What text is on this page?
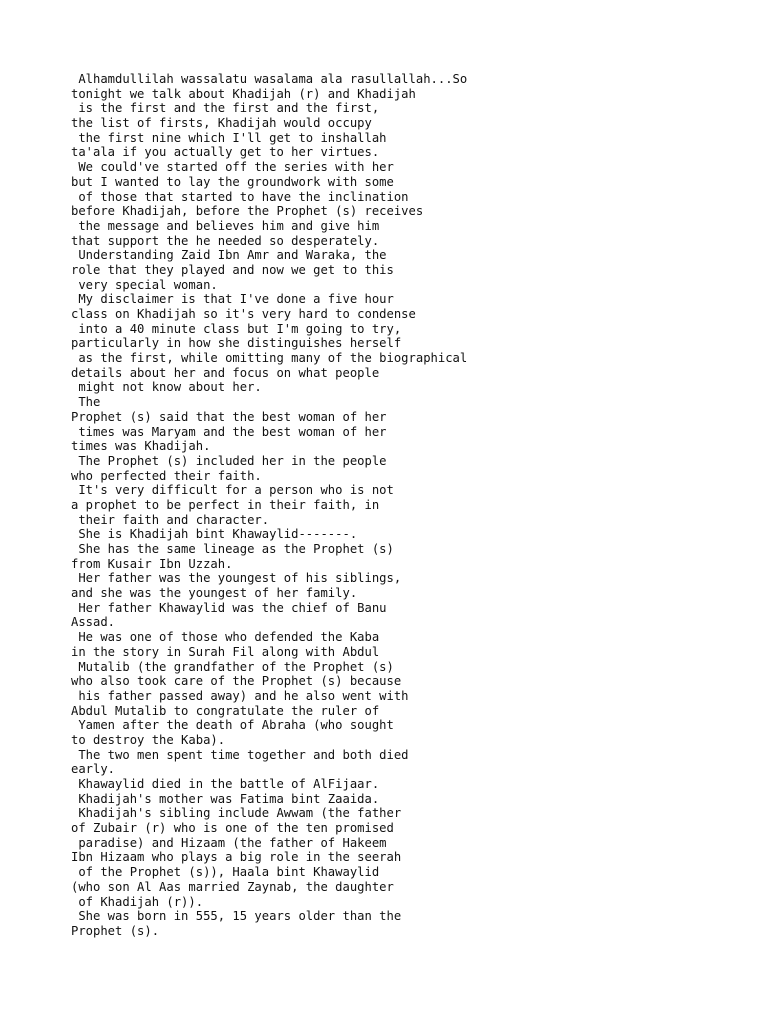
Alhamdullilah wassalatu wasalama ala rasullallah...So
tonight we talk about Khadijah (r) and Khadijah
is the first and the first and the first,
the list of firsts, Khadijah would occupy
the first nine which I'll get to inshallah
ta'ala if you actually get to her virtues.
We could've started off the series with her
but I wanted to lay the groundwork with some
of those that started to have the inclination
before Khadijah, before the Prophet (s) receives
the message and believes him and give him
that support the he needed so desperately.
Understanding Zaid Ibn Amr and Waraka, the
role that they played and now we get to this
very special woman.
My disclaimer is that I've done a five hour
class on Khadijah so it's very hard to condense
into a 40 minute class but I'm going to try,
particularly in how she distinguishes herself
as the first, while omitting many of the biographical
details about her and focus on what people
might not know about her.
The
Prophet (s) said that the best woman of her
times was Maryam and the best woman of her
times was Khadijah.
The Prophet (s) included her in the people
who perfected their faith.
It's very difficult for a person who is not
a prophet to be perfect in their faith, in
their faith and character.
She is Khadijah bint Khawaylid-------.
She has the same lineage as the Prophet (s)
from Kusair Ibn Uzzah.
Her father was the youngest of his siblings,
and she was the youngest of her family.
Her father Khawaylid was the chief of Banu
Assad.
He was one of those who defended the Kaba
in the story in Surah Fil along with Abdul
Mutalib (the grandfather of the Prophet (s)
who also took care of the Prophet (s) because
his father passed away) and he also went with
Abdul Mutalib to congratulate the ruler of
Yamen after the death of Abraha (who sought
to destroy the Kaba).
The two men spent time together and both died
early.
Khawaylid died in the battle of AlFijaar.
Khadijah's mother was Fatima bint Zaaida.
Khadijah's sibling include Awwam (the father
of Zubair (r) who is one of the ten promised
paradise) and Hizaam (the father of Hakeem
Ibn Hizaam who plays a big role in the seerah
of the Prophet (s)), Haala bint Khawaylid
(who son Al Aas married Zaynab, the daughter
of Khadijah (r)).
She was born in 555, 15 years older than the
Prophet (s).
